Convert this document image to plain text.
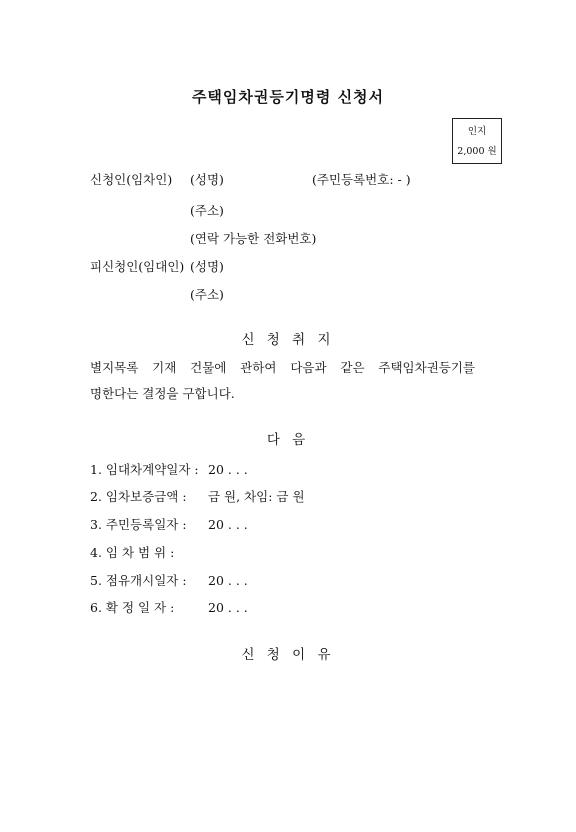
주택임차권등기명령 신청서
인지
2,000 원
신청인(임차인) (성명)	(주민등록번호: - )
(주소)
(연락 가능한 전화번호)
피신청인(임대인) (성명)
(주소)
신 청 취 지
별지목록 기재 건물에 관하여 다음과 같은 주택임차권등기를
명한다는 결정을 구합니다.
다 음
1. 임대차계약일자 : 20 . . .
2. 임차보증금액 : 금 원, 차임: 금 원
3. 주민등록일자 : 20 . . .
4. 임 차 범 위 :
5. 점유개시일자 : 20 . . .
6. 확 정 일 자 :	20 . . .
신 청 이 유
